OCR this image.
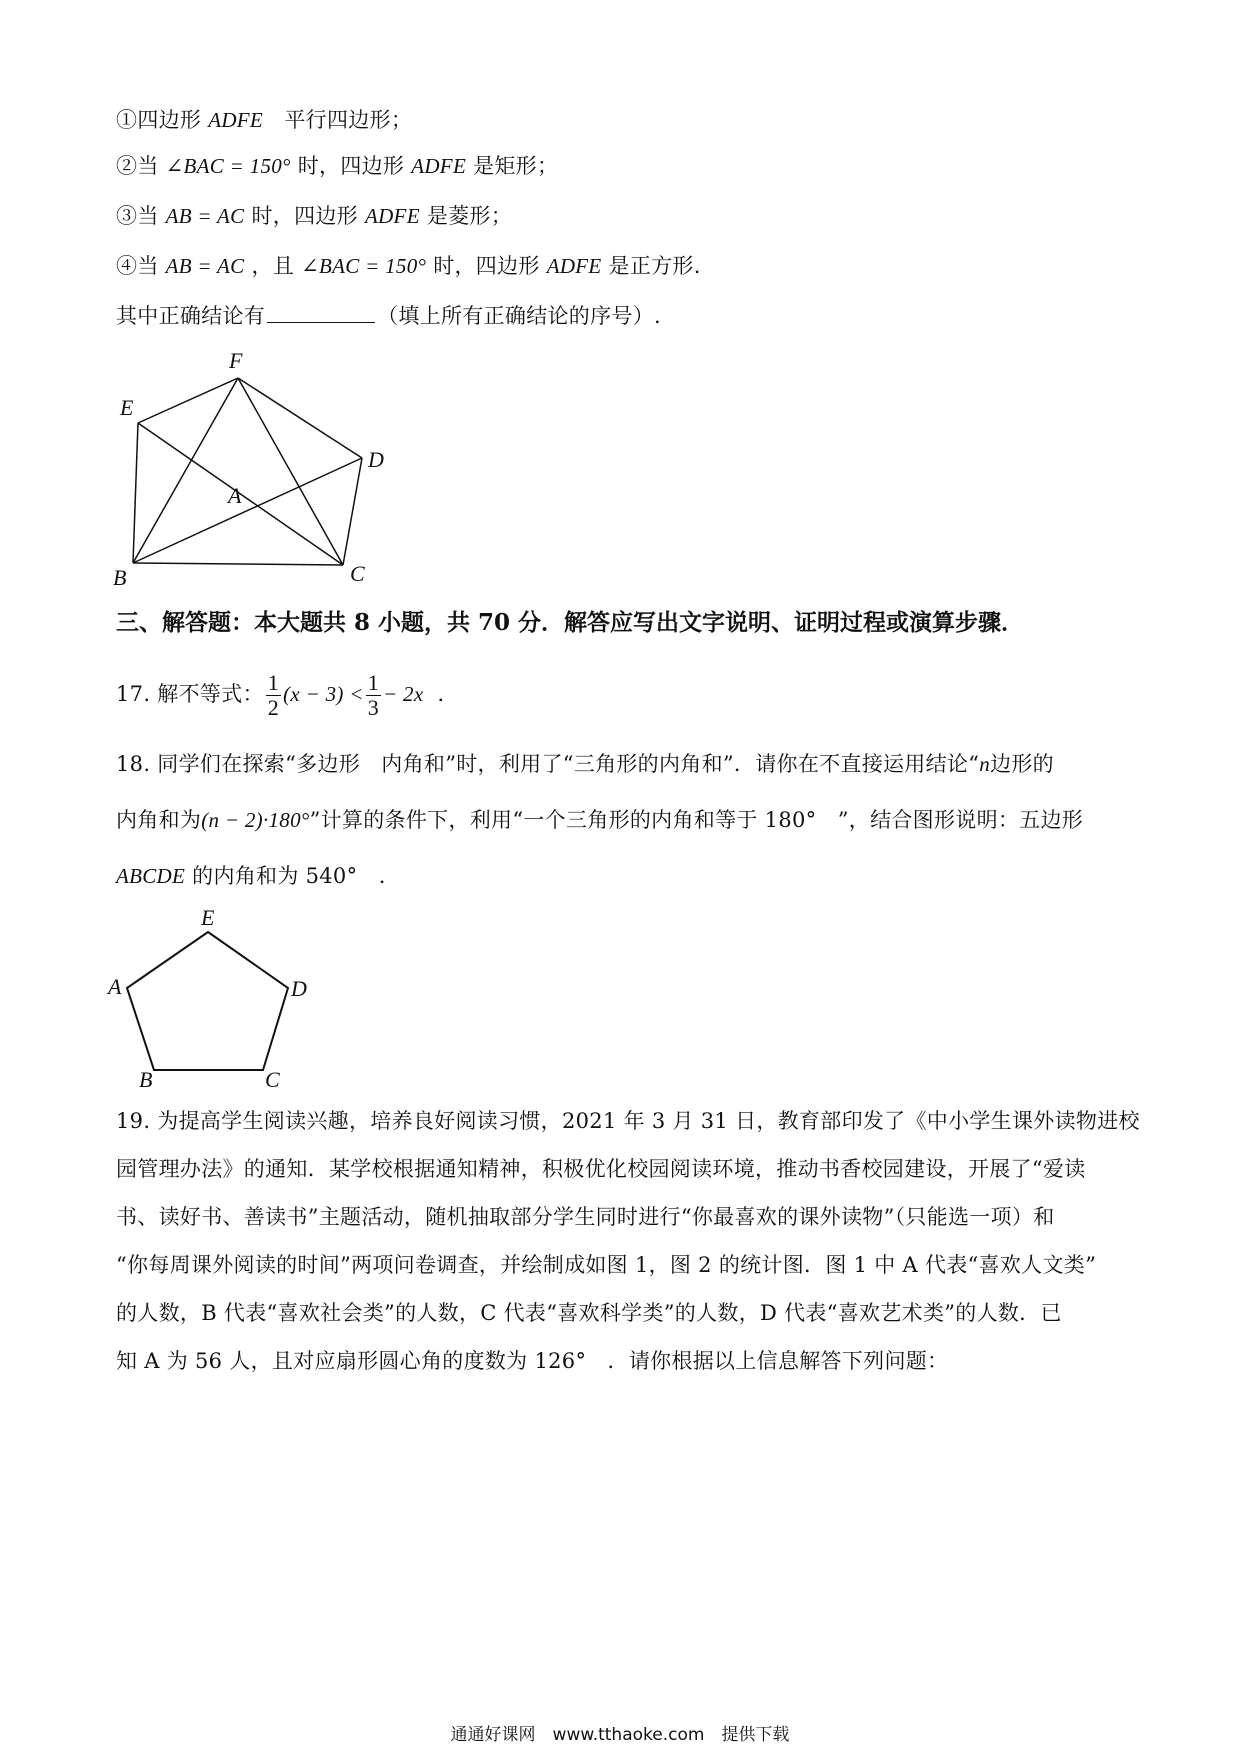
①四边形 ADFE　平行四边形；
②当 ∠BAC = 150° 时，四边形 ADFE 是矩形；
③当 AB = AC 时，四边形 ADFE 是菱形；
④当 AB = AC ，且 ∠BAC = 150° 时，四边形 ADFE 是正方形.
其中正确结论有	（填上所有正确结论的序号）.
F
E
D
A
B	C
三、解答题：本大题共 8 小题，共 70 分．解答应写出文字说明、证明过程或演算步骤．
17. 解不等式： $\frac{1}{2} (x - 3) < \frac{1}{3} - 2x$ ．
18. 同学们在探索“多边形　内角和”时，利用了“三角形的内角和”．请你在不直接运用结论“n边形的
内角和为(n − 2)·180°”计算的条件下，利用“一个三角形的内角和等于 180°　”，结合图形说明：五边形
ABCDE 的内角和为 540°　.
E
A	D
B	C
19. 为提高学生阅读兴趣，培养良好阅读习惯，2021 年 3 月 31 日，教育部印发了《中小学生课外读物进校
园管理办法》的通知．某学校根据通知精神，积极优化校园阅读环境，推动书香校园建设，开展了“爱读
书、读好书、善读书”主题活动，随机抽取部分学生同时进行“你最喜欢的课外读物”（只能选一项）和
“你每周课外阅读的时间”两项问卷调查，并绘制成如图 1，图 2 的统计图．图 1 中 A 代表“喜欢人文类”
的人数，B 代表“喜欢社会类”的人数，C 代表“喜欢科学类”的人数，D 代表“喜欢艺术类”的人数．已
知 A 为 56 人，且对应扇形圆心角的度数为 126°　．请你根据以上信息解答下列问题：
通通好课网　www.tthaoke.com　提供下载
